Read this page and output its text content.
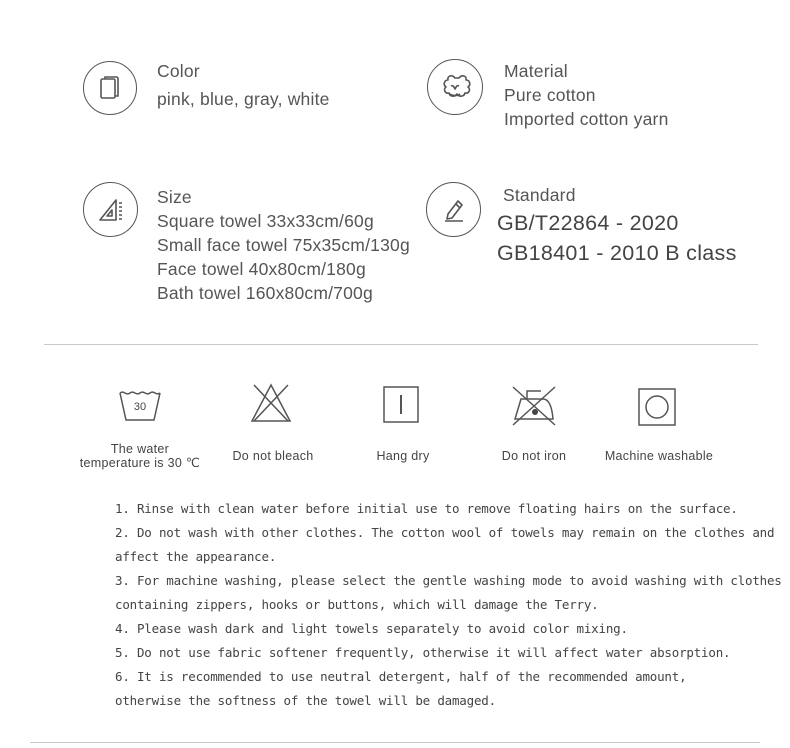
Color
pink, blue, gray, white
Material
Pure cotton
Imported cotton yarn
Size
Square towel 33x33cm/60g
Small face towel 75x35cm/130g
Face towel 40x80cm/180g
Bath towel 160x80cm/700g
Standard
GB/T22864 - 2020
GB18401 - 2010 B class
30
The water
temperature is 30 ℃	Do not bleach	Hang dry	Do not iron	Machine washable
1. Rinse with clean water before initial use to remove floating hairs on the surface.
2. Do not wash with other clothes. The cotton wool of towels may remain on the clothes and
affect the appearance.
3. For machine washing, please select the gentle washing mode to avoid washing with clothes
containing zippers, hooks or buttons, which will damage the Terry.
4. Please wash dark and light towels separately to avoid color mixing.
5. Do not use fabric softener frequently, otherwise it will affect water absorption.
6. It is recommended to use neutral detergent, half of the recommended amount,
otherwise the softness of the towel will be damaged.
